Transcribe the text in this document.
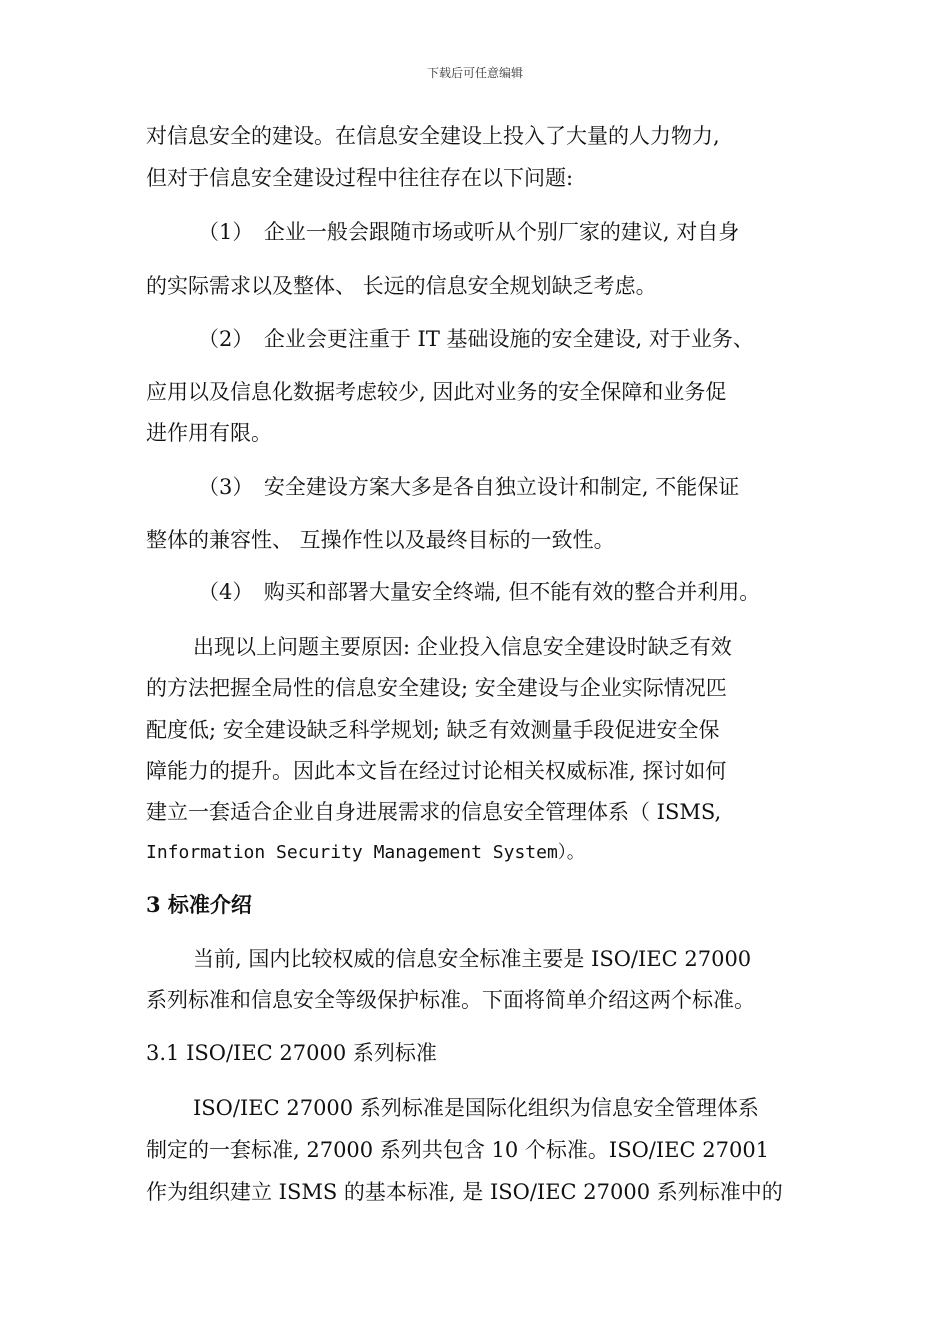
下载后可任意编辑
对信息安全的建设。在信息安全建设上投入了大量的人力物力,
但对于信息安全建设过程中往往存在以下问题:
（1）　企业一般会跟随市场或听从个别厂家的建议, 对自身
的实际需求以及整体、 长远的信息安全规划缺乏考虑。
（2）　企业会更注重于 IT 基础设施的安全建设, 对于业务、
应用以及信息化数据考虑较少, 因此对业务的安全保障和业务促
进作用有限。
（3）　安全建设方案大多是各自独立设计和制定, 不能保证
整体的兼容性、 互操作性以及最终目标的一致性。
（4）　购买和部署大量安全终端, 但不能有效的整合并利用。
出现以上问题主要原因: 企业投入信息安全建设时缺乏有效
的方法把握全局性的信息安全建设; 安全建设与企业实际情况匹
配度低; 安全建设缺乏科学规划; 缺乏有效测量手段促进安全保
障能力的提升。因此本文旨在经过讨论相关权威标准, 探讨如何
建立一套适合企业自身进展需求的信息安全管理体系（ ISMS,
Information Security Management System）。
3 标准介绍
当前, 国内比较权威的信息安全标准主要是 ISO/IEC 27000
系列标准和信息安全等级保护标准。下面将简单介绍这两个标准。
3.1 ISO/IEC 27000 系列标准
ISO/IEC 27000 系列标准是国际化组织为信息安全管理体系
制定的一套标准, 27000 系列共包含 10 个标准。ISO/IEC 27001
作为组织建立 ISMS 的基本标准, 是 ISO/IEC 27000 系列标准中的
